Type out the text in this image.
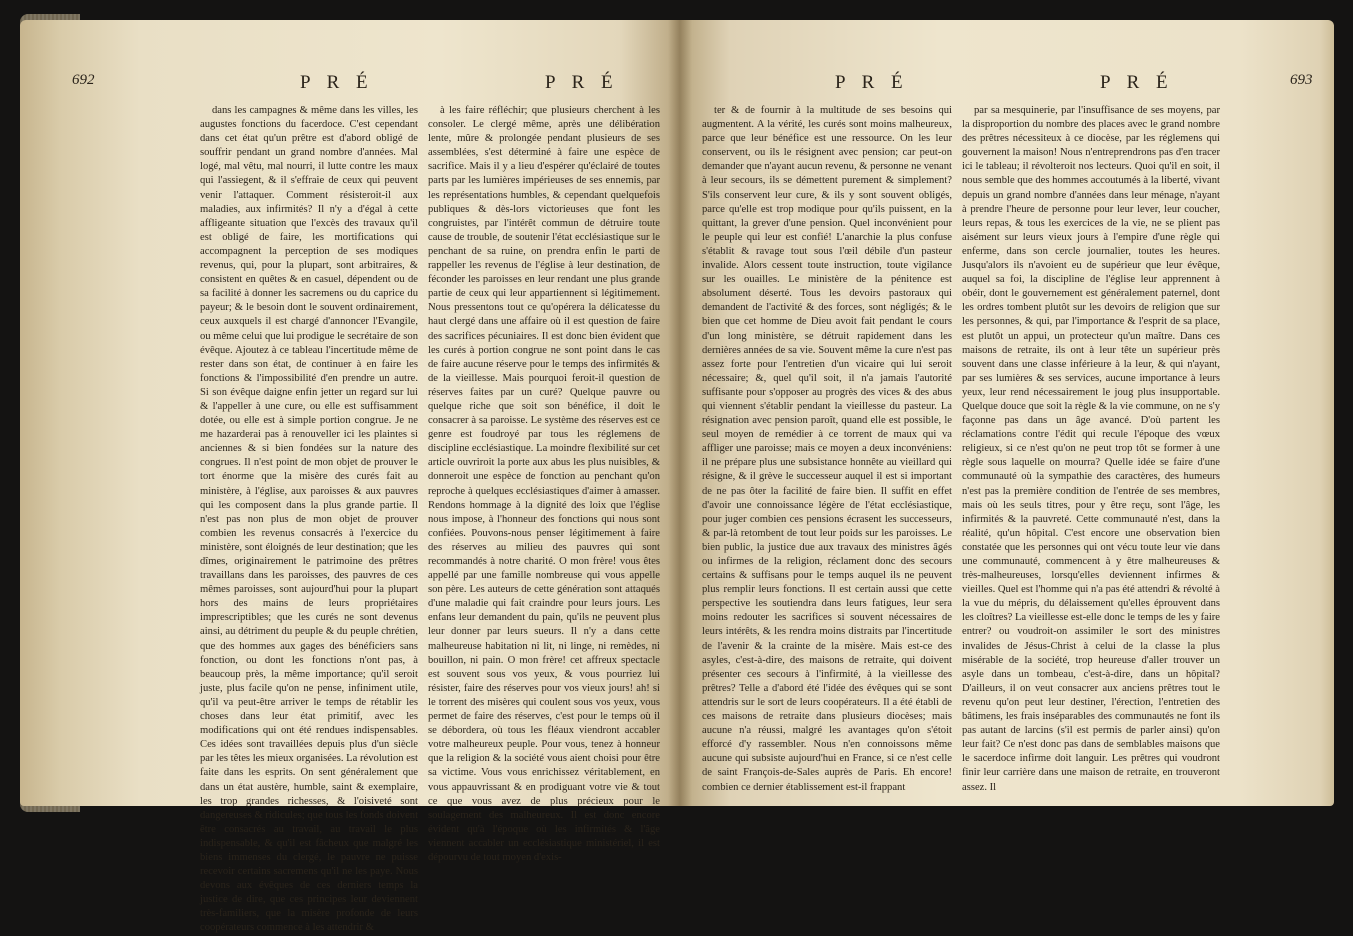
692	P R É	P R É

dans les campagnes & même dans les villes, les augustes fonctions du facerdoce. C'est cependant dans cet état qu'un prêtre est d'abord obligé de souffrir pendant un grand nombre d'années. Mal logé, mal vêtu, mal nourri, il lutte contre les maux qui l'assiegent, & il s'effraie de ceux qui peuvent venir l'attaquer. Comment résisteroit-il aux maladies, aux infirmités? Il n'y a d'égal à cette affligeante situation que l'excès des travaux qu'il est obligé de faire, les mortifications qui accompagnent la perception de ses modiques revenus, qui, pour la plupart, sont arbitraires, & consistent en quêtes & en casuel, dépendent ou de sa facilité à donner les sacremens ou du caprice du payeur; & le besoin dont le souvent ordinairement, ceux auxquels il est chargé d'annoncer l'Evangile, ou même celui que lui prodigue le secrétaire de son évêque. Ajoutez à ce tableau l'incertitude même de rester dans son état, de continuer à en faire les fonctions & l'impossibilité d'en prendre un autre. Si son évêque daigne enfin jetter un regard sur lui & l'appeller à une cure, ou elle est suffisamment dotée, ou elle est à simple portion congrue. Je ne me hazarderai pas à renouveller ici les plaintes si anciennes & si bien fondées sur la nature des congrues. Il n'est point de mon objet de prouver le tort énorme que la misère des curés fait au ministère, à l'église, aux paroisses & aux pauvres qui les composent dans la plus grande partie. Il n'est pas non plus de mon objet de prouver combien les revenus consacrés à l'exercice du ministère, sont éloignés de leur destination; que les dîmes, originairement le patrimoine des prêtres travaillans dans les paroisses, des pauvres de ces mêmes paroisses, sont aujourd'hui pour la plupart hors des mains de leurs propriétaires imprescriptibles; que les curés ne sont devenus ainsi, au détriment du peuple & du peuple chrétien, que des hommes aux gages des bénéficiers sans fonction, ou dont les fonctions n'ont pas, à beaucoup près, la même importance; qu'il seroit juste, plus facile qu'on ne pense, infiniment utile, qu'il va peut-être arriver le temps de rétablir les choses dans leur état primitif, avec les modifications qui ont été rendues indispensables. Ces idées sont travaillées depuis plus d'un siècle par les têtes les mieux organisées. La révolution est faite dans les esprits. On sent généralement que dans un état austère, humble, saint & exemplaire, les trop grandes richesses, & l'oisiveté sont dangereuses & ridicules; que tous les fonds doivent être consacrés au travail, au travail le plus indispensable, & qu'il est fâcheux que malgré les biens immenses du clergé, le pauvre ne puisse recevoir certains sacremens qu'il ne les paye. Nous devons aux évêques de ces derniers temps la justice de dire, que ces principes leur deviennent très-familiers, que la misère profonde de leurs coopérateurs commence à les attendrir &

à les faire réfléchir; que plusieurs cherchent à les consoler. Le clergé même, après une délibération lente, mûre & prolongée pendant plusieurs de ses assemblées, s'est déterminé à faire une espèce de sacrifice. Mais il y a lieu d'espérer qu'éclairé de toutes parts par les lumières impérieuses de ses ennemis, par les représentations humbles, & cependant quelquefois publiques & dès-lors victorieuses que font les congruistes, par l'intérêt commun de détruire toute cause de trouble, de soutenir l'état ecclésiastique sur le penchant de sa ruine, on prendra enfin le parti de rappeller les revenus de l'église à leur destination, de féconder les paroisses en leur rendant une plus grande partie de ceux qui leur appartiennent si légitimement. Nous pressentons tout ce qu'opérera la délicatesse du haut clergé dans une affaire où il est question de faire des sacrifices pécuniaires. Il est donc bien évident que les curés à portion congrue ne sont point dans le cas de faire aucune réserve pour le temps des infirmités & de la vieillesse. Mais pourquoi feroit-il question de réserves faites par un curé? Quelque pauvre ou quelque riche que soit son bénéfice, il doit le consacrer à sa paroisse. Le système des réserves est ce genre est foudroyé par tous les réglemens de discipline ecclésiastique. La moindre flexibilité sur cet article ouvriroit la porte aux abus les plus nuisibles, & donneroit une espèce de fonction au penchant qu'on reproche à quelques ecclésiastiques d'aimer à amasser. Rendons hommage à la dignité des loix que l'église nous impose, à l'honneur des fonctions qui nous sont confiées. Pouvons-nous penser légitimement à faire des réserves au milieu des pauvres qui sont recommandés à notre charité. O mon frère! vous êtes appellé par une famille nombreuse qui vous appelle son père. Les auteurs de cette génération sont attaqués d'une maladie qui fait craindre pour leurs jours. Les enfans leur demandent du pain, qu'ils ne peuvent plus leur donner par leurs sueurs. Il n'y a dans cette malheureuse habitation ni lit, ni linge, ni remèdes, ni bouillon, ni pain. O mon frère! cet affreux spectacle est souvent sous vos yeux, & vous pourriez lui résister, faire des réserves pour vos vieux jours! ah! si le torrent des misères qui coulent sous vos yeux, vous permet de faire des réserves, c'est pour le temps où il se débordera, où tous les fléaux viendront accabler votre malheureux peuple. Pour vous, tenez à honneur que la religion & la société vous aient choisi pour être sa victime. Vous vous enrichissez véritablement, en vous appauvrissant & en prodiguant votre vie & tout ce que vous avez de plus précieux pour le soulagement des malheureux. Il est donc encore évident qu'à l'époque où les infirmités & l'âge viennent accabler un ecclésiastique ministériel, il est dépourvu de tout moyen d'exis-

P R É	P R É	693

ter & de fournir à la multitude de ses besoins qui augmentent. A la vérité, les curés sont moins malheureux, parce que leur bénéfice est une ressource. On les leur conservent, ou ils le résignent avec pension; car peut-on demander que n'ayant aucun revenu, & personne ne venant à leur secours, ils se démettent purement & simplement? S'ils conservent leur cure, & ils y sont souvent obligés, parce qu'elle est trop modique pour qu'ils puissent, en la quittant, la grever d'une pension. Quel inconvénient pour le peuple qui leur est confié! L'anarchie la plus confuse s'établit & ravage tout sous l'œil débile d'un pasteur invalide. Alors cessent toute instruction, toute vigilance sur les ouailles. Le ministère de la pénitence est absolument déserté. Tous les devoirs pastoraux qui demandent de l'activité & des forces, sont négligés; & le bien que cet homme de Dieu avoit fait pendant le cours d'un long ministère, se détruit rapidement dans les dernières années de sa vie. Souvent même la cure n'est pas assez forte pour l'entretien d'un vicaire qui lui seroit nécessaire; &, quel qu'il soit, il n'a jamais l'autorité suffisante pour s'opposer au progrès des vices & des abus qui viennent s'établir pendant la vieillesse du pasteur. La résignation avec pension paroît, quand elle est possible, le seul moyen de remédier à ce torrent de maux qui va affliger une paroisse; mais ce moyen a deux inconvéniens: il ne prépare plus une subsistance honnête au vieillard qui résigne, & il grève le successeur auquel il est si important de ne pas ôter la facilité de faire bien. Il suffit en effet d'avoir une connoissance légère de l'état ecclésiastique, pour juger combien ces pensions écrasent les successeurs, & par-là retombent de tout leur poids sur les paroisses. Le bien public, la justice due aux travaux des ministres âgés ou infirmes de la religion, réclament donc des secours certains & suffisans pour le temps auquel ils ne peuvent plus remplir leurs fonctions. Il est certain aussi que cette perspective les soutiendra dans leurs fatigues, leur sera moins redouter les sacrifices si souvent nécessaires de leurs intérêts, & les rendra moins distraits par l'incertitude de l'avenir & la crainte de la misère. Mais est-ce des asyles, c'est-à-dire, des maisons de retraite, qui doivent présenter ces secours à l'infirmité, à la vieillesse des prêtres? Telle a d'abord été l'idée des évêques qui se sont attendris sur le sort de leurs coopérateurs. Il a été établi de ces maisons de retraite dans plusieurs diocèses; mais aucune n'a réussi, malgré les avantages qu'on s'étoit efforcé d'y rassembler. Nous n'en connoissons même aucune qui subsiste aujourd'hui en France, si ce n'est celle de saint François-de-Sales auprès de Paris. Eh encore! combien ce dernier établissement est-il frappant

par sa mesquinerie, par l'insuffisance de ses moyens, par la disproportion du nombre des places avec le grand nombre des prêtres nécessiteux à ce diocèse, par les réglemens qui gouvernent la maison! Nous n'entreprendrons pas d'en tracer ici le tableau; il révolteroit nos lecteurs. Quoi qu'il en soit, il nous semble que des hommes accoutumés à la liberté, vivant depuis un grand nombre d'années dans leur ménage, n'ayant à prendre l'heure de personne pour leur lever, leur coucher, leurs repas, & tous les exercices de la vie, ne se plient pas aisément sur leurs vieux jours à l'empire d'une règle qui enferme, dans son cercle journalier, toutes les heures. Jusqu'alors ils n'avoient eu de supérieur que leur évêque, auquel sa foi, la discipline de l'église leur apprennent à obéir, dont le gouvernement est généralement paternel, dont les ordres tombent plutôt sur les devoirs de religion que sur les personnes, & qui, par l'importance & l'esprit de sa place, est plutôt un appui, un protecteur qu'un maître. Dans ces maisons de retraite, ils ont à leur tête un supérieur près souvent dans une classe inférieure à la leur, & qui n'ayant, par ses lumières & ses services, aucune importance à leurs yeux, leur rend nécessairement le joug plus insupportable. Quelque douce que soit la règle & la vie commune, on ne s'y façonne pas dans un âge avancé. D'où partent les réclamations contre l'édit qui recule l'époque des vœux religieux, si ce n'est qu'on ne peut trop tôt se former à une règle sous laquelle on mourra? Quelle idée se faire d'une communauté où la sympathie des caractères, des humeurs n'est pas la première condition de l'entrée de ses membres, mais où les seuls titres, pour y être reçu, sont l'âge, les infirmités & la pauvreté. Cette communauté n'est, dans la réalité, qu'un hôpital. C'est encore une observation bien constatée que les personnes qui ont vécu toute leur vie dans une communauté, commencent à y être malheureuses & très-malheureuses, lorsqu'elles deviennent infirmes & vieilles. Quel est l'homme qui n'a pas été attendri & révolté à la vue du mépris, du délaissement qu'elles éprouvent dans les cloîtres? La vieillesse est-elle donc le temps de les y faire entrer? ou voudroit-on assimiler le sort des ministres invalides de Jésus-Christ à celui de la classe la plus misérable de la société, trop heureuse d'aller trouver un asyle dans un tombeau, c'est-à-dire, dans un hôpital? D'ailleurs, il on veut consacrer aux anciens prêtres tout le revenu qu'on peut leur destiner, l'érection, l'entretien des bâtimens, les frais inséparables des communautés ne font ils pas autant de larcins (s'il est permis de parler ainsi) qu'on leur fait? Ce n'est donc pas dans de semblables maisons que le sacerdoce infirme doit languir. Les prêtres qui voudront finir leur carrière dans une maison de retraite, en trouveront assez. Il
